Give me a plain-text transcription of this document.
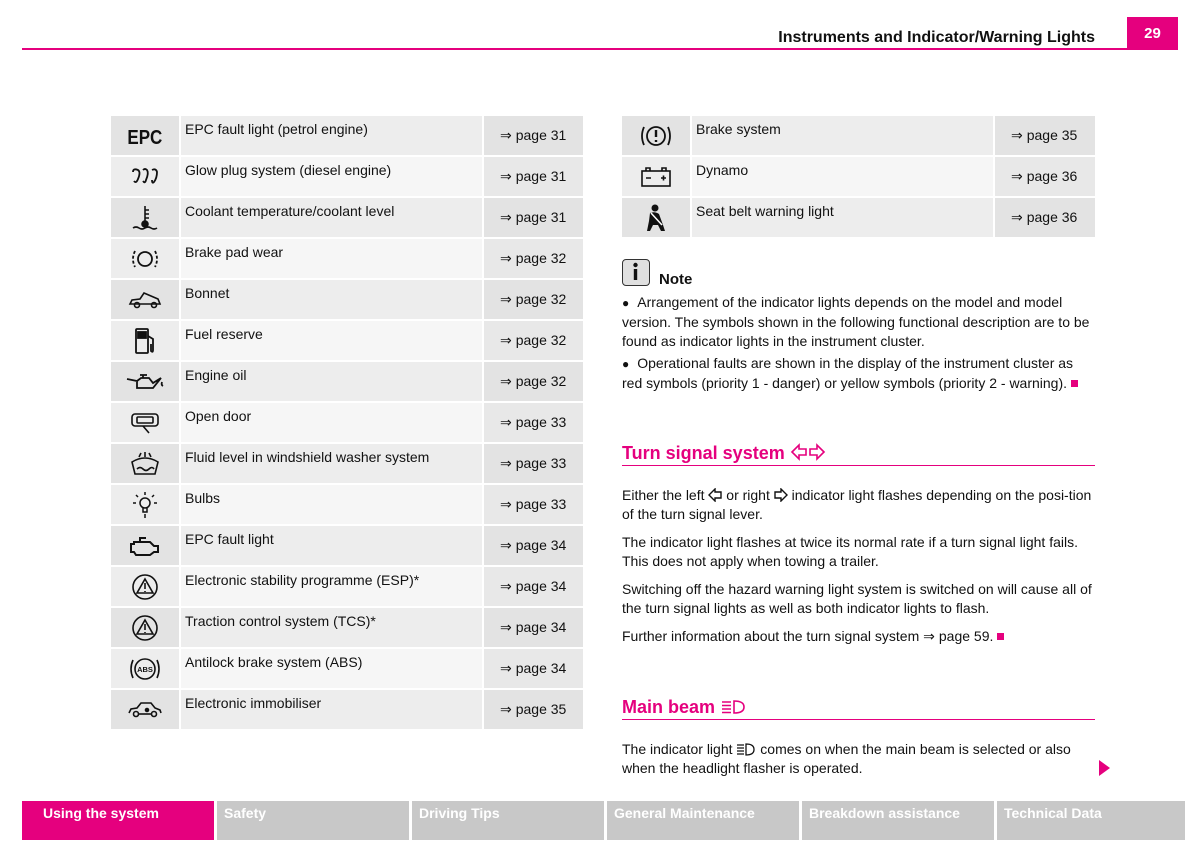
Instruments and Indicator/Warning Lights	29
EPC	EPC fault light (petrol engine)	⇒ page 31

	Glow plug system (diesel engine)	⇒ page 31

	Coolant temperature/coolant level	⇒ page 31

	Brake pad wear	⇒ page 32

	Bonnet	⇒ page 32

	Fuel reserve	⇒ page 32

	Engine oil	⇒ page 32

	Open door	⇒ page 33

	Fluid level in windshield washer system	⇒ page 33

	Bulbs	⇒ page 33

	EPC fault light	⇒ page 34

	Electronic stability programme (ESP)*	⇒ page 34

	Traction control system (TCS)*	⇒ page 34

ABS	Antilock brake system (ABS)	⇒ page 34

	Electronic immobiliser	⇒ page 35
	Brake system	⇒ page 35

	Dynamo	⇒ page 36

	Seat belt warning light	⇒ page 36
Note

● Arrangement of the indicator lights depends on the model and model version. The symbols shown in the following functional description are to be found as indicator lights in the instrument cluster.

● Operational faults are shown in the display of the instrument cluster as red symbols (priority 1 - danger) or yellow symbols (priority 2 - warning).

Turn signal system

Either the left or right indicator light flashes depending on the posi-tion of the turn signal lever.

The indicator light flashes at twice its normal rate if a turn signal light fails. This does not apply when towing a trailer.

Switching off the hazard warning light system is switched on will cause all of the turn signal lights as well as both indicator lights to flash.

Further information about the turn signal system ⇒ page 59.

Main beam

The indicator light comes on when the main beam is selected or also when the headlight flasher is operated.

Using the system	Safety	Driving Tips	General Maintenance	Breakdown assistance	Technical Data
